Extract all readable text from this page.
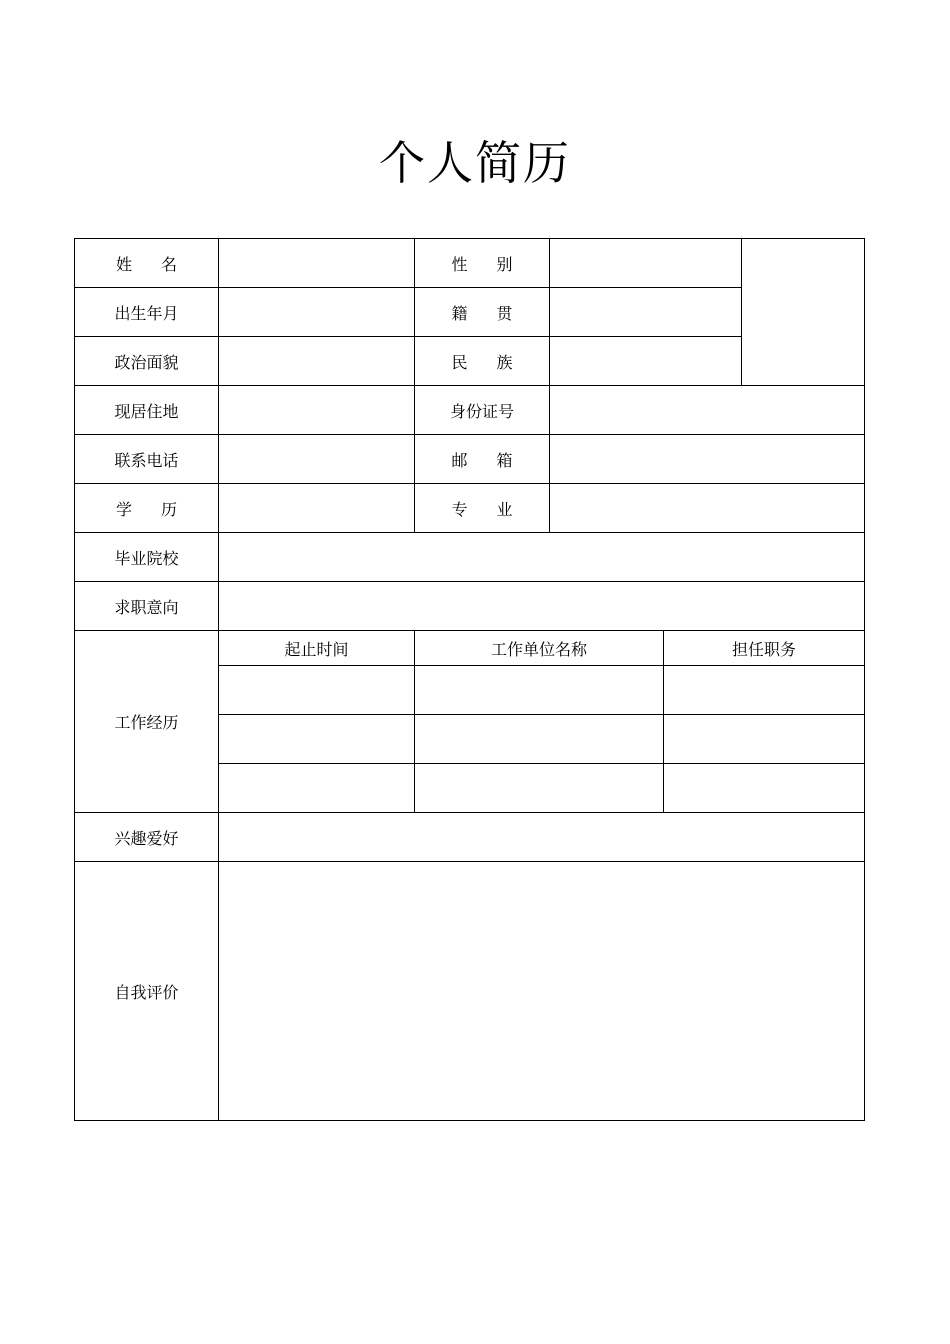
个人简历
姓 名		性 别			
出生年月		籍 贯			
政治面貌		民 族			
现居住地		身份证号			
联系电话		邮 箱			
学 历		专 业			
毕业院校					
求职意向					
工作经历	起止时间	工作单位名称		担任职务	

兴趣爱好					
自我评价					
